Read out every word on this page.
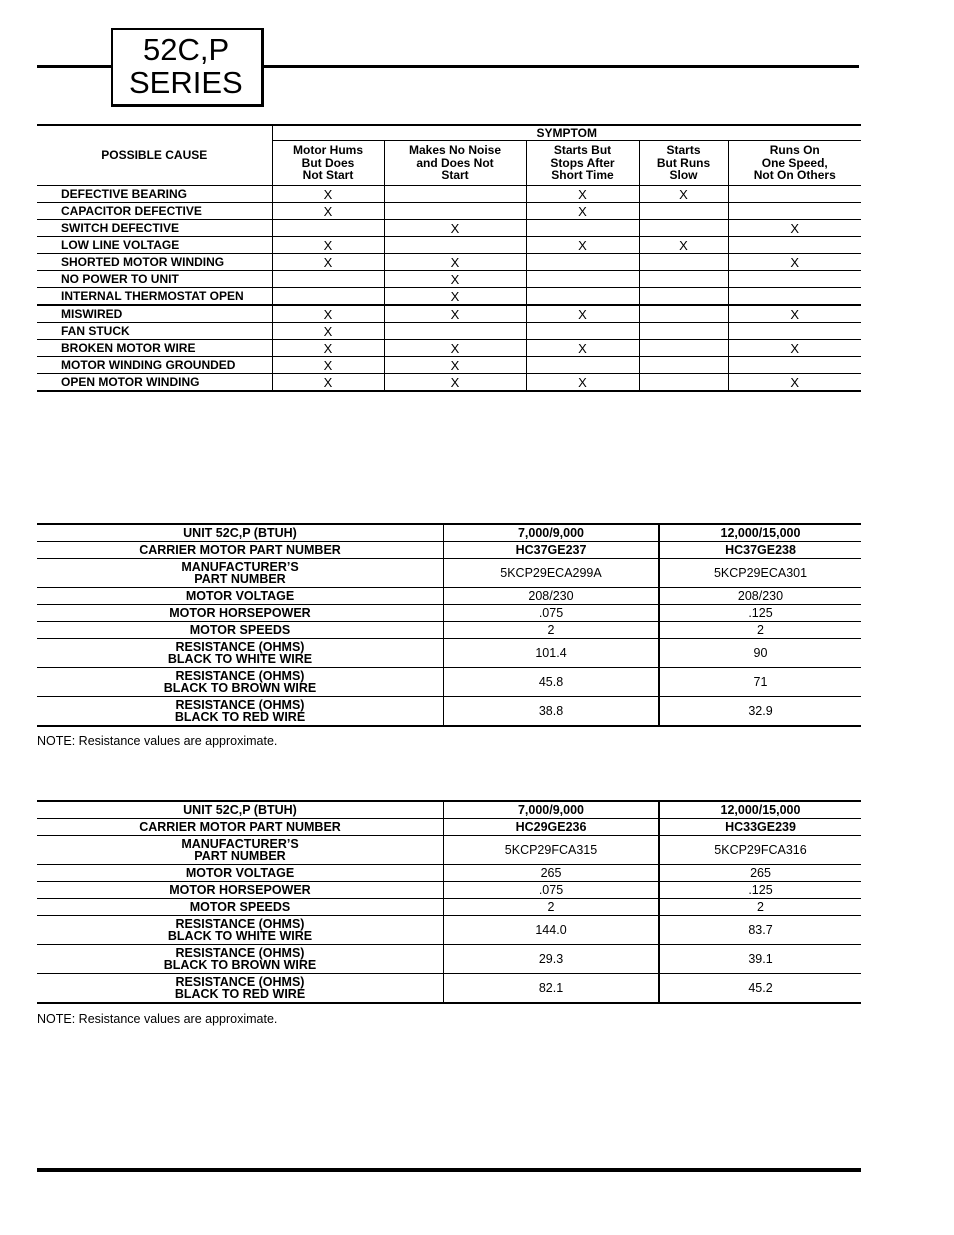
52C,P
SERIES
POSSIBLE CAUSE	SYMPTOM				
	Motor Hums
But Does
Not Start	Makes No Noise
and Does Not
Start	Starts But
Stops After
Short Time	Starts
But Runs
Slow	Runs On
One Speed,
Not On Others
DEFECTIVE BEARING	X		X	X	
CAPACITOR DEFECTIVE	X		X		
SWITCH DEFECTIVE		X			X
LOW LINE VOLTAGE	X		X	X	
SHORTED MOTOR WINDING	X	X			X
NO POWER TO UNIT		X			
INTERNAL THERMOSTAT OPEN		X			
MISWIRED	X	X	X		X
FAN STUCK	X				
BROKEN MOTOR WIRE	X	X	X		X
MOTOR WINDING GROUNDED	X	X			
OPEN MOTOR WINDING	X	X	X		X
UNIT 52C,P (BTUH)	7,000/9,000	12,000/15,000
CARRIER MOTOR PART NUMBER	HC37GE237	HC37GE238
MANUFACTURER’S
PART NUMBER	5KCP29ECA299A	5KCP29ECA301
MOTOR VOLTAGE	208/230	208/230
MOTOR HORSEPOWER	.075	.125
MOTOR SPEEDS	2	2
RESISTANCE (OHMS)
BLACK TO WHITE WIRE	101.4	90
RESISTANCE (OHMS)
BLACK TO BROWN WIRE	45.8	71
RESISTANCE (OHMS)
BLACK TO RED WIRE	38.8	32.9
NOTE: Resistance values are approximate.
UNIT 52C,P (BTUH)	7,000/9,000	12,000/15,000
CARRIER MOTOR PART NUMBER	HC29GE236	HC33GE239
MANUFACTURER’S
PART NUMBER	5KCP29FCA315	5KCP29FCA316
MOTOR VOLTAGE	265	265
MOTOR HORSEPOWER	.075	.125
MOTOR SPEEDS	2	2
RESISTANCE (OHMS)
BLACK TO WHITE WIRE	144.0	83.7
RESISTANCE (OHMS)
BLACK TO BROWN WIRE	29.3	39.1
RESISTANCE (OHMS)
BLACK TO RED WIRE	82.1	45.2
NOTE: Resistance values are approximate.
